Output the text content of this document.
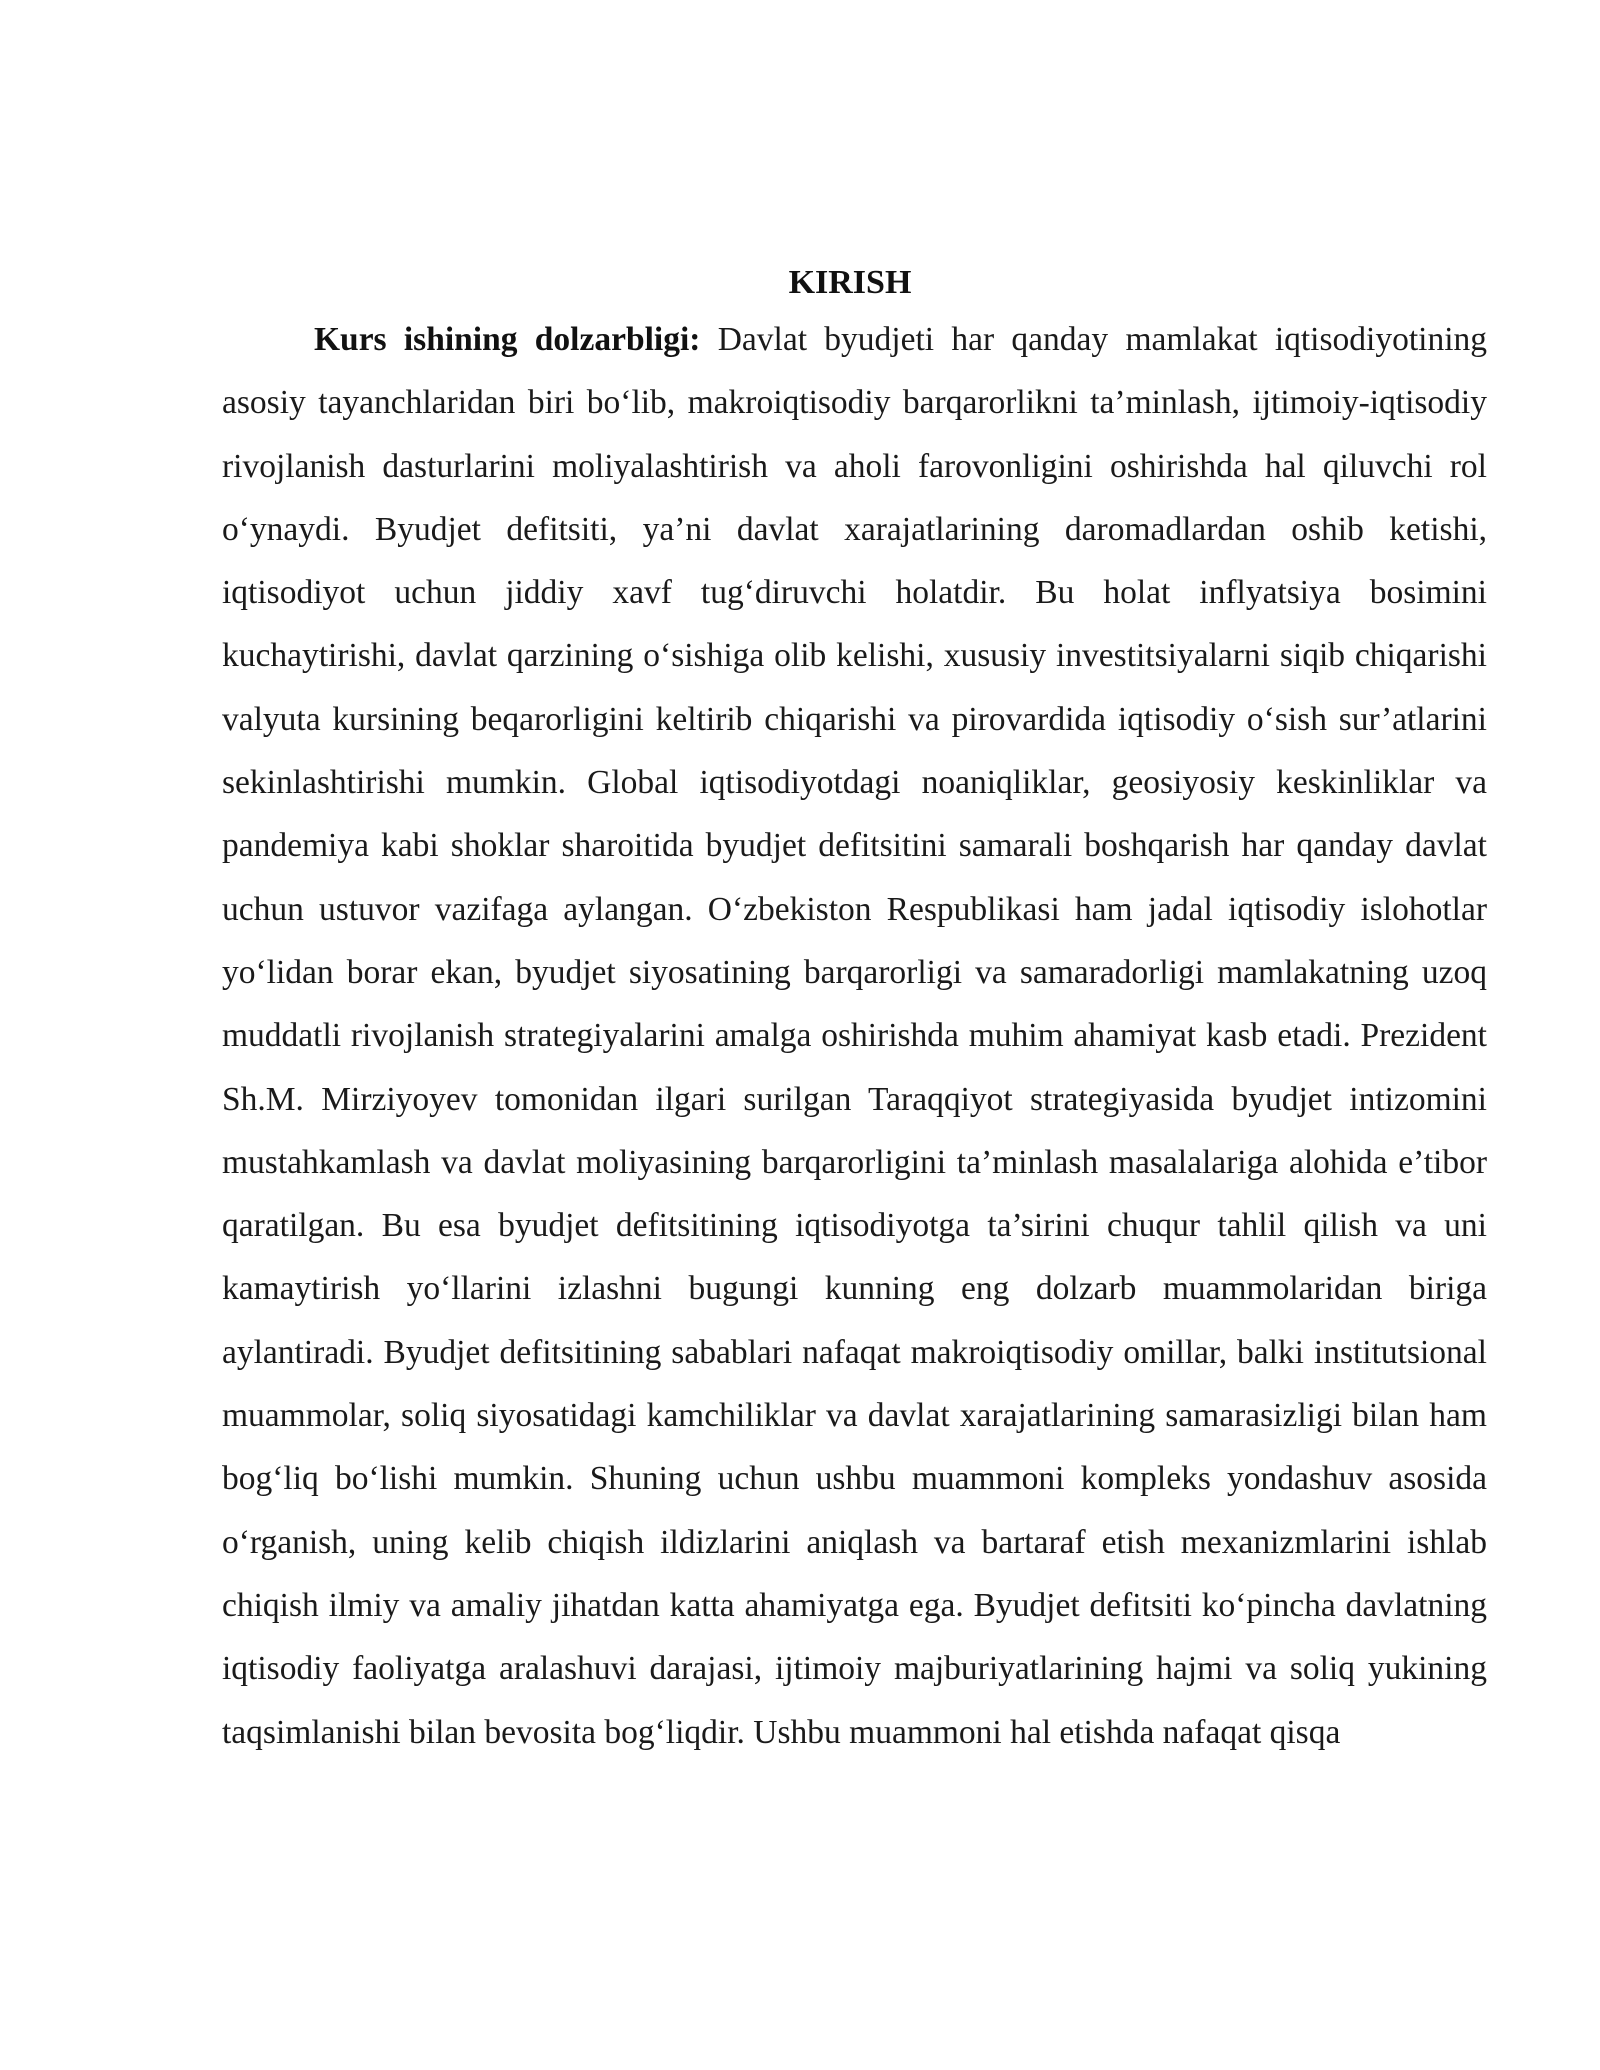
KIRISH

Kurs ishining dolzarbligi: Davlat byudjeti har qanday mamlakat iqtisodiyotining asosiy tayanchlaridan biri bo‘lib, makroiqtisodiy barqarorlikni ta’minlash, ijtimoiy-iqtisodiy rivojlanish dasturlarini moliyalashtirish va aholi farovonligini oshirishda hal qiluvchi rol o‘ynaydi. Byudjet defitsiti, ya’ni davlat xarajatlarining daromadlardan oshib ketishi, iqtisodiyot uchun jiddiy xavf tug‘diruvchi holatdir. Bu holat inflyatsiya bosimini kuchaytirishi, davlat qarzining o‘sishiga olib kelishi, xususiy investitsiyalarni siqib chiqarishi valyuta kursining beqarorligini keltirib chiqarishi va pirovardida iqtisodiy o‘sish sur’atlarini sekinlashtirishi mumkin. Global iqtisodiyotdagi noaniqliklar, geosiyosiy keskinliklar va pandemiya kabi shoklar sharoitida byudjet defitsitini samarali boshqarish har qanday davlat uchun ustuvor vazifaga aylangan. O‘zbekiston Respublikasi ham jadal iqtisodiy islohotlar yo‘lidan borar ekan, byudjet siyosatining barqarorligi va samaradorligi mamlakatning uzoq muddatli rivojlanish strategiyalarini amalga oshirishda muhim ahamiyat kasb etadi. Prezident Sh.M. Mirziyoyev tomonidan ilgari surilgan Taraqqiyot strategiyasida byudjet intizomini mustahkamlash va davlat moliyasining barqarorligini ta’minlash masalalariga alohida e’tibor qaratilgan. Bu esa byudjet defitsitining iqtisodiyotga ta’sirini chuqur tahlil qilish va uni kamaytirish yo‘llarini izlashni bugungi kunning eng dolzarb muammolaridan biriga aylantiradi. Byudjet defitsitining sabablari nafaqat makroiqtisodiy omillar, balki institutsional muammolar, soliq siyosatidagi kamchiliklar va davlat xarajatlarining samarasizligi bilan ham bog‘liq bo‘lishi mumkin. Shuning uchun ushbu muammoni kompleks yondashuv asosida o‘rganish, uning kelib chiqish ildizlarini aniqlash va bartaraf etish mexanizmlarini ishlab chiqish ilmiy va amaliy jihatdan katta ahamiyatga ega. Byudjet defitsiti ko‘pincha davlatning iqtisodiy faoliyatga aralashuvi darajasi, ijtimoiy majburiyatlarining hajmi va soliq yukining taqsimlanishi bilan bevosita bog‘liqdir. Ushbu muammoni hal etishda nafaqat qisqa
